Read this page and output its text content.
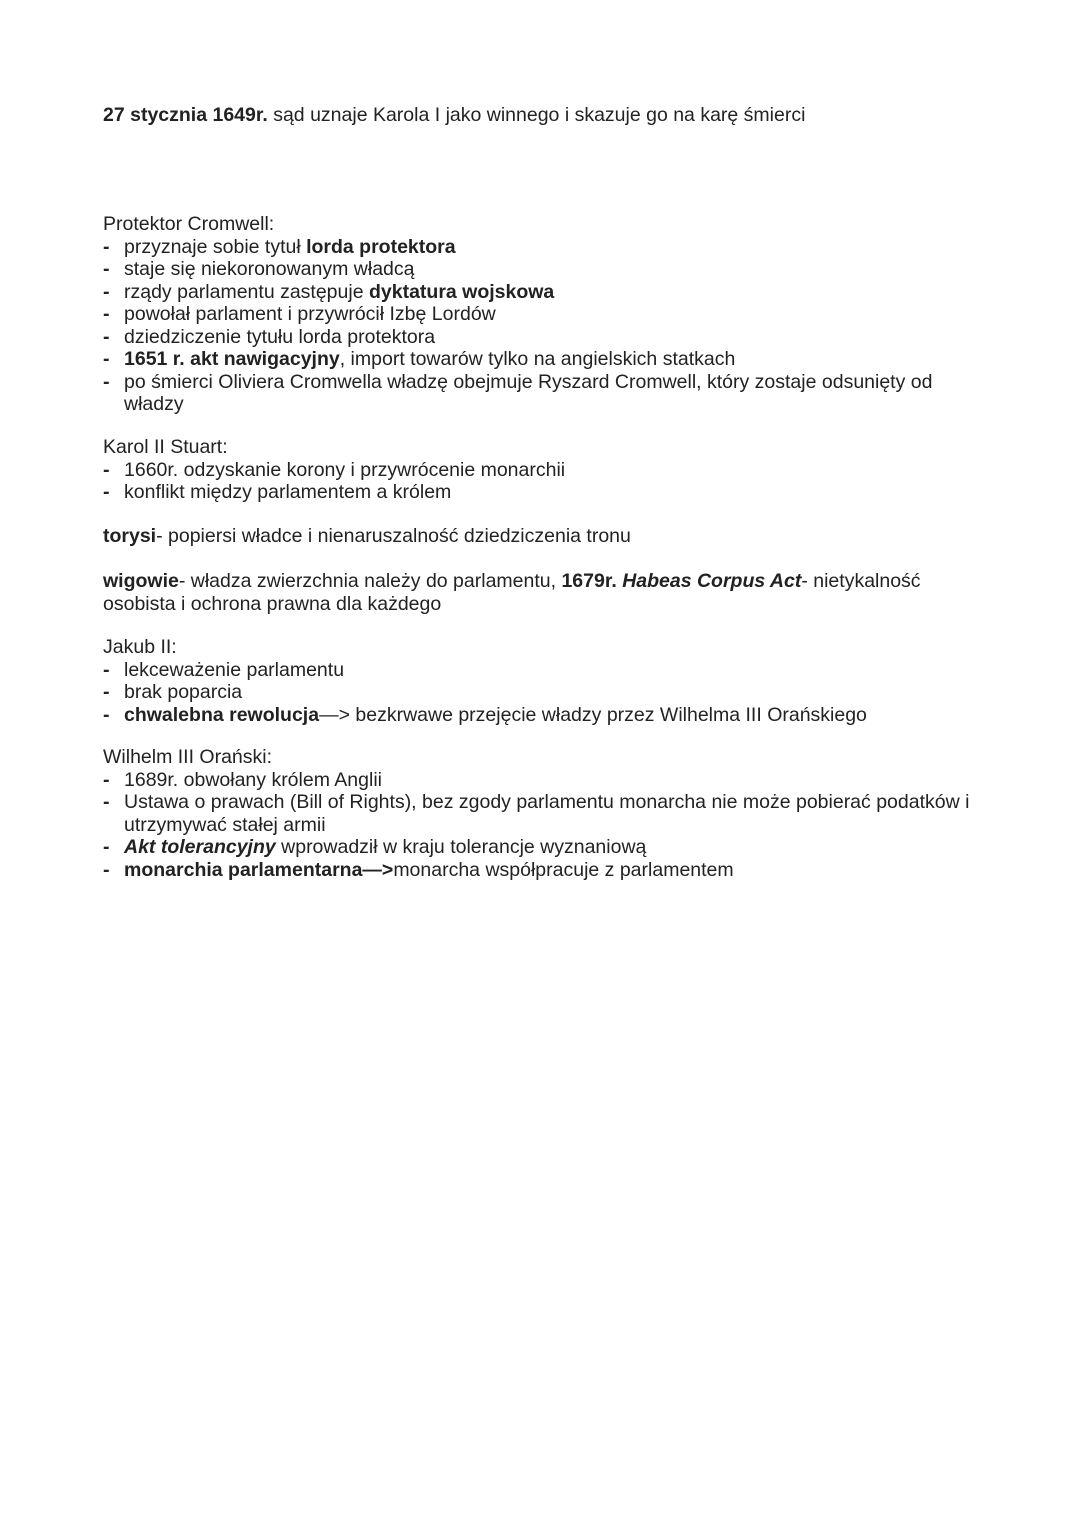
27 stycznia 1649r. sąd uznaje Karola I jako winnego i skazuje go na karę śmierci

Protektor Cromwell:

- przyznaje sobie tytuł lorda protektora
- staje się niekoronowanym władcą
- rządy parlamentu zastępuje dyktatura wojskowa
- powołał parlament i przywrócił Izbę Lordów
- dziedziczenie tytułu lorda protektora
- 1651 r. akt nawigacyjny, import towarów tylko na angielskich statkach
- po śmierci Oliviera Cromwella władzę obejmuje Ryszard Cromwell, który zostaje odsunięty od władzy

Karol II Stuart:

- 1660r. odzyskanie korony i przywrócenie monarchii
- konflikt między parlamentem a królem

torysi- popiersi władce i nienaruszalność dziedziczenia tronu

wigowie- władza zwierzchnia należy do parlamentu, 1679r. Habeas Corpus Act- nietykalność osobista i ochrona prawna dla każdego

Jakub II:

- lekceważenie parlamentu
- brak poparcia
- chwalebna rewolucja—> bezkrwawe przejęcie władzy przez Wilhelma III Orańskiego

Wilhelm III Orański:

- 1689r. obwołany królem Anglii
- Ustawa o prawach (Bill of Rights), bez zgody parlamentu monarcha nie może pobierać podatków i utrzymywać stałej armii
- Akt tolerancyjny wprowadził w kraju tolerancje wyznaniową
- monarchia parlamentarna—>monarcha współpracuje z parlamentem
